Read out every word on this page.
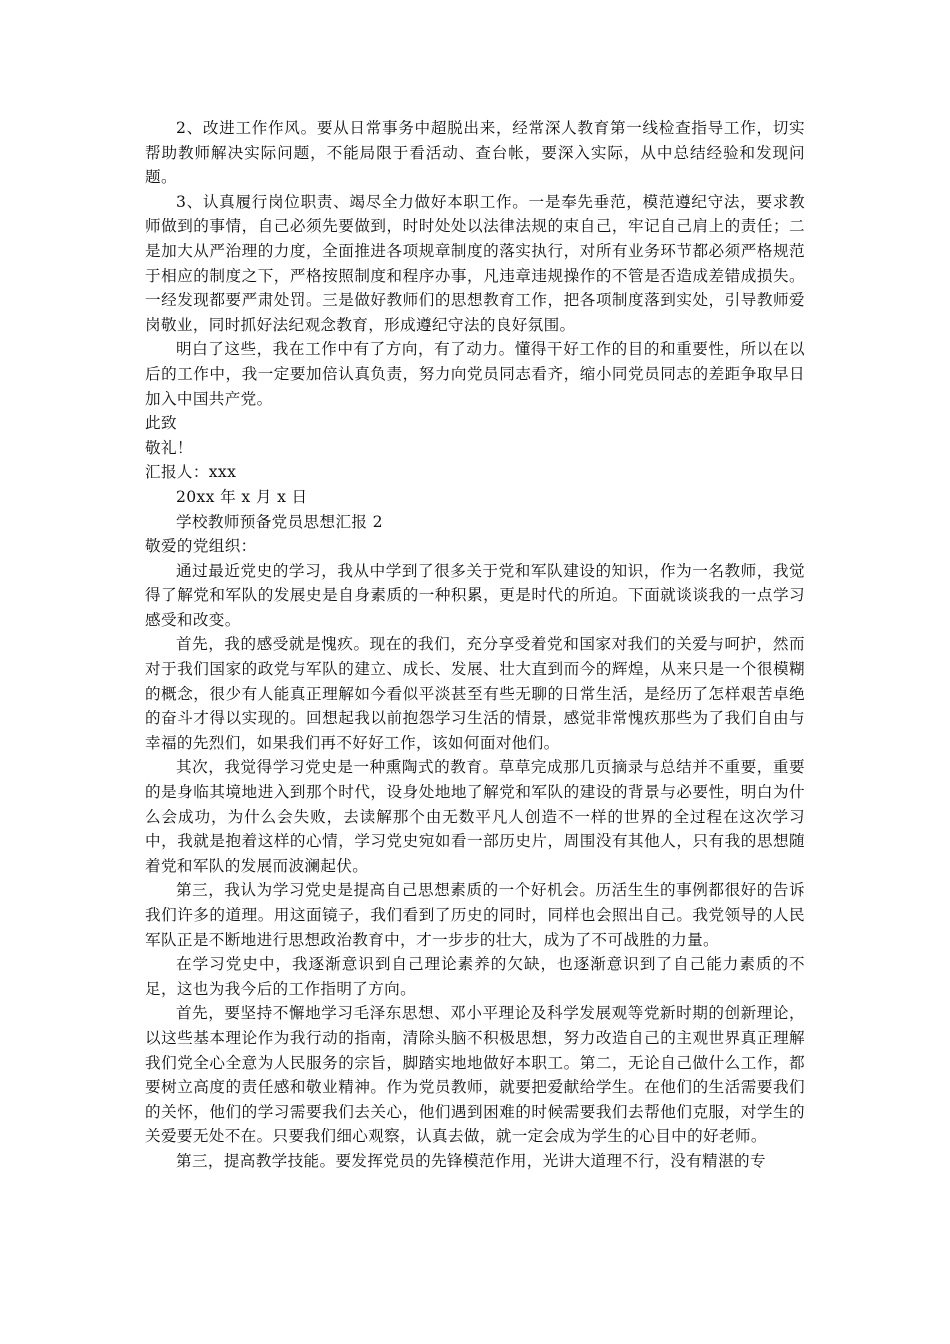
2、改进工作作风。要从日常事务中超脱出来，经常深人教育第一线检查指导工作，切实帮助教师解决实际问题，不能局限于看活动、查台帐，要深入实际，从中总结经验和发现问题。

3、认真履行岗位职责、竭尽全力做好本职工作。一是奉先垂范，模范遵纪守法，要求教师做到的事情，自己必须先要做到，时时处处以法律法规的束自己，牢记自己肩上的责任；二是加大从严治理的力度，全面推进各项规章制度的落实执行，对所有业务环节都必须严格规范于相应的制度之下，严格按照制度和程序办事，凡违章违规操作的不管是否造成差错成损失。一经发现都要严肃处罚。三是做好教师们的思想教育工作，把各项制度落到实处，引导教师爱岗敬业，同时抓好法纪观念教育，形成遵纪守法的良好氛围。

明白了这些，我在工作中有了方向，有了动力。懂得干好工作的目的和重要性，所以在以后的工作中，我一定要加倍认真负责，努力向党员同志看齐，缩小同党员同志的差距争取早日加入中国共产党。

此致

敬礼！

汇报人：xxx

20xx 年 x 月 x 日

学校教师预备党员思想汇报 2

敬爱的党组织：

通过最近党史的学习，我从中学到了很多关于党和军队建设的知识，作为一名教师，我觉得了解党和军队的发展史是自身素质的一种积累，更是时代的所迫。下面就谈谈我的一点学习感受和改变。

首先，我的感受就是愧疚。现在的我们，充分享受着党和国家对我们的关爱与呵护，然而对于我们国家的政党与军队的建立、成长、发展、壮大直到而今的辉煌，从来只是一个很模糊的概念，很少有人能真正理解如今看似平淡甚至有些无聊的日常生活，是经历了怎样艰苦卓绝的奋斗才得以实现的。回想起我以前抱怨学习生活的情景，感觉非常愧疚那些为了我们自由与幸福的先烈们，如果我们再不好好工作，该如何面对他们。

其次，我觉得学习党史是一种熏陶式的教育。草草完成那几页摘录与总结并不重要，重要的是身临其境地进入到那个时代，设身处地地了解党和军队的建设的背景与必要性，明白为什么会成功，为什么会失败，去读解那个由无数平凡人创造不一样的世界的全过程在这次学习中，我就是抱着这样的心情，学习党史宛如看一部历史片，周围没有其他人，只有我的思想随着党和军队的发展而波澜起伏。

第三，我认为学习党史是提高自己思想素质的一个好机会。历活生生的事例都很好的告诉我们许多的道理。用这面镜子，我们看到了历史的同时，同样也会照出自己。我党领导的人民军队正是不断地进行思想政治教育中，才一步步的壮大，成为了不可战胜的力量。

在学习党史中，我逐渐意识到自己理论素养的欠缺，也逐渐意识到了自己能力素质的不足，这也为我今后的工作指明了方向。

首先，要坚持不懈地学习毛泽东思想、邓小平理论及科学发展观等党新时期的创新理论，以这些基本理论作为我行动的指南，清除头脑不积极思想，努力改造自己的主观世界真正理解我们党全心全意为人民服务的宗旨，脚踏实地地做好本职工。第二，无论自己做什么工作，都要树立高度的责任感和敬业精神。作为党员教师，就要把爱献给学生。在他们的生活需要我们的关怀，他们的学习需要我们去关心，他们遇到困难的时候需要我们去帮他们克服，对学生的关爱要无处不在。只要我们细心观察，认真去做，就一定会成为学生的心目中的好老师。

第三，提高教学技能。要发挥党员的先锋模范作用，光讲大道理不行，没有精湛的专
